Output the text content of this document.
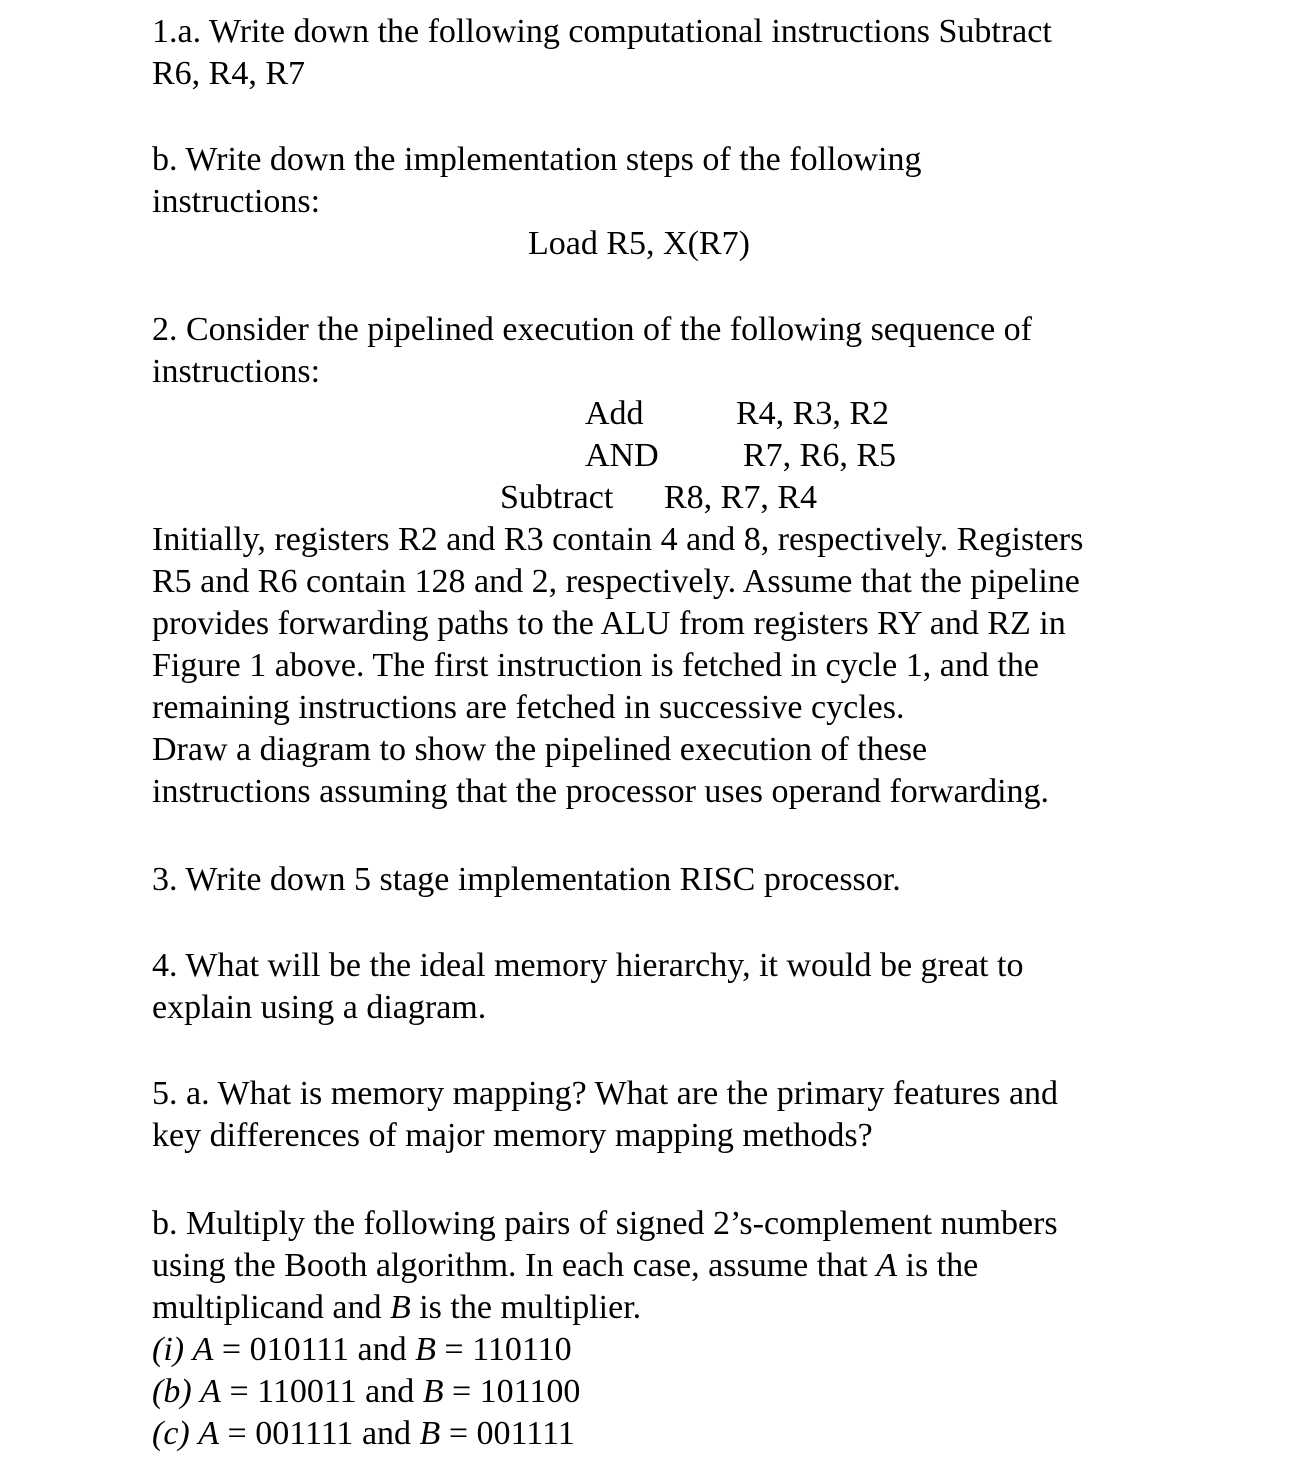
1.a. Write down the following computational instructions Subtract
R6, R4, R7
b. Write down the implementation steps of the following
instructions:
Load R5, X(R7)
2. Consider the pipelined execution of the following sequence of
instructions:
Add	R4, R3, R2
AND R7, R6, R5
Subtract R8, R7, R4
Initially, registers R2 and R3 contain 4 and 8, respectively. Registers
R5 and R6 contain 128 and 2, respectively. Assume that the pipeline
provides forwarding paths to the ALU from registers RY and RZ in
Figure 1 above. The first instruction is fetched in cycle 1, and the
remaining instructions are fetched in successive cycles.
Draw a diagram to show the pipelined execution of these
instructions assuming that the processor uses operand forwarding.
3. Write down 5 stage implementation RISC processor.
4. What will be the ideal memory hierarchy, it would be great to
explain using a diagram.
5. a. What is memory mapping? What are the primary features and
key differences of major memory mapping methods?
b. Multiply the following pairs of signed 2’s-complement numbers
using the Booth algorithm. In each case, assume that A is the
multiplicand and B is the multiplier.
(i) A = 010111 and B = 110110
(b) A = 110011 and B = 101100
(c) A = 001111 and B = 001111
